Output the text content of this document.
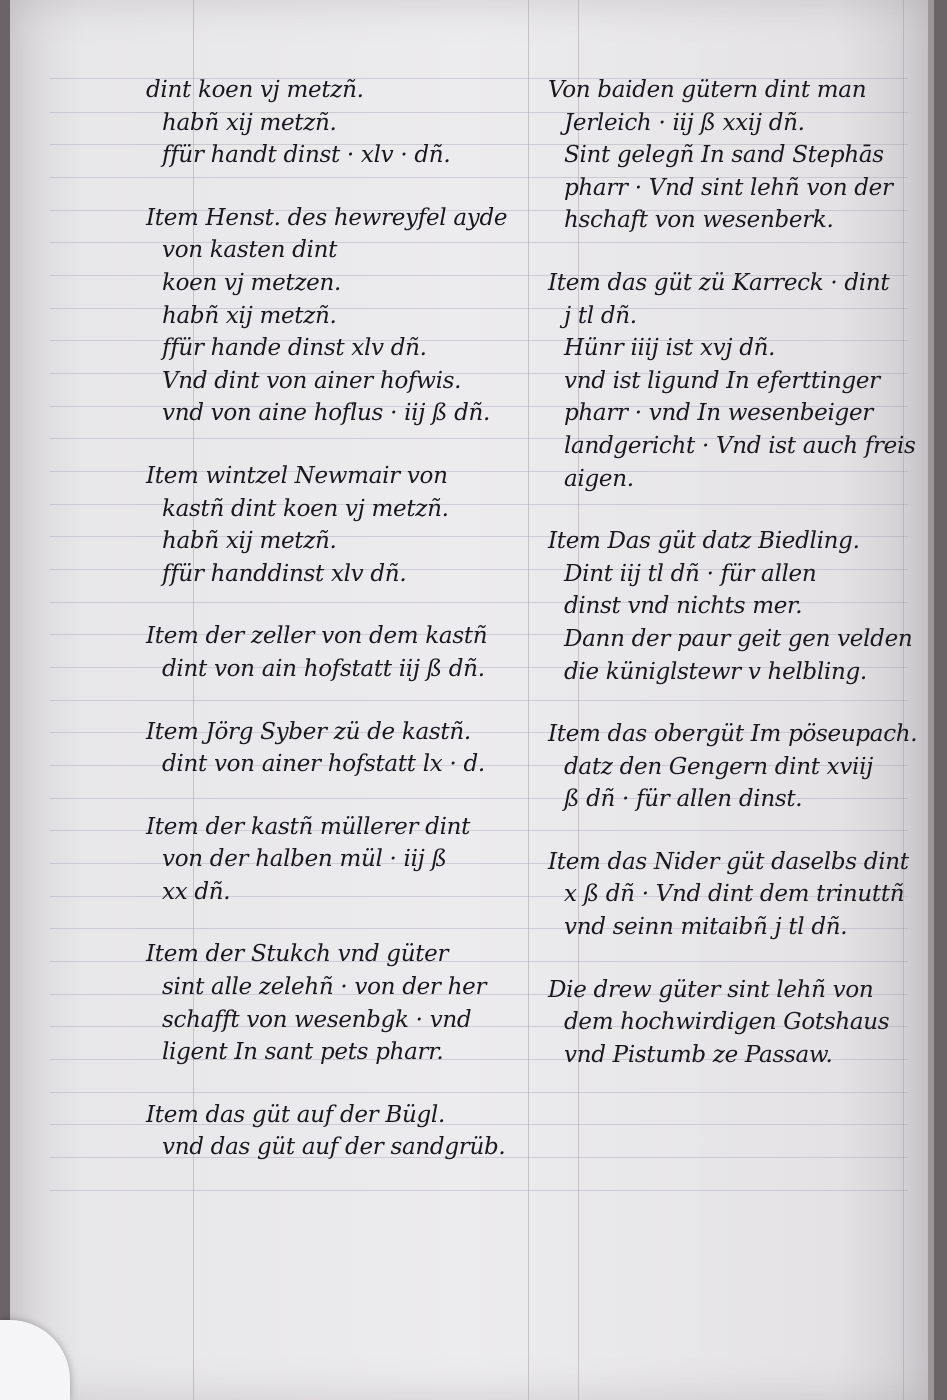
dint koen vj metzñ.
habñ xij metzñ.
ffür handt dinst · xlv · dñ.
Item Henst. des hewreyfel ayde
von kasten dint
koen vj metzen.
habñ xij metzñ.
ffür hande dinst xlv dñ.
Vnd dint von ainer hofwis.
vnd von aine hoflus · iij ß dñ.
Item wintzel Newmair von
kastñ dint koen vj metzñ.
habñ xij metzñ.
ffür handdinst xlv dñ.
Item der zeller von dem kastñ
dint von ain hofstatt iij ß dñ.
Item Jörg Syber zü de kastñ.
dint von ainer hofstatt lx · d.
Item der kastñ müllerer dint
von der halben mül · iij ß
xx dñ.
Item der Stukch vnd güter
sint alle zelehñ · von der her
schafft von wesenbgk · vnd
ligent In sant pets pharr.
Item das güt auf der Bügl.
vnd das güt auf der sandgrüb.
Von baiden gütern dint man
Jerleich · iij ß xxij dñ.
Sint gelegñ In sand Stephās
pharr · Vnd sint lehñ von der
hschaft von wesenberk.
Item das güt zü Karreck · dint
j tl dñ.
Hünr iiij ist xvj dñ.
vnd ist ligund In eferttinger
pharr · vnd In wesenbeiger
landgericht · Vnd ist auch freis
aigen.
Item Das güt datz Biedling.
Dint iij tl dñ · für allen
dinst vnd nichts mer.
Dann der paur geit gen velden
die küniglstewr v helbling.
Item das obergüt Im pöseupach.
datz den Gengern dint xviij
ß dñ · für allen dinst.
Item das Nider güt daselbs dint
x ß dñ · Vnd dint dem trinuttñ
vnd seinn mitaibñ j tl dñ.
Die drew güter sint lehñ von
dem hochwirdigen Gotshaus
vnd Pistumb ze Passaw.
